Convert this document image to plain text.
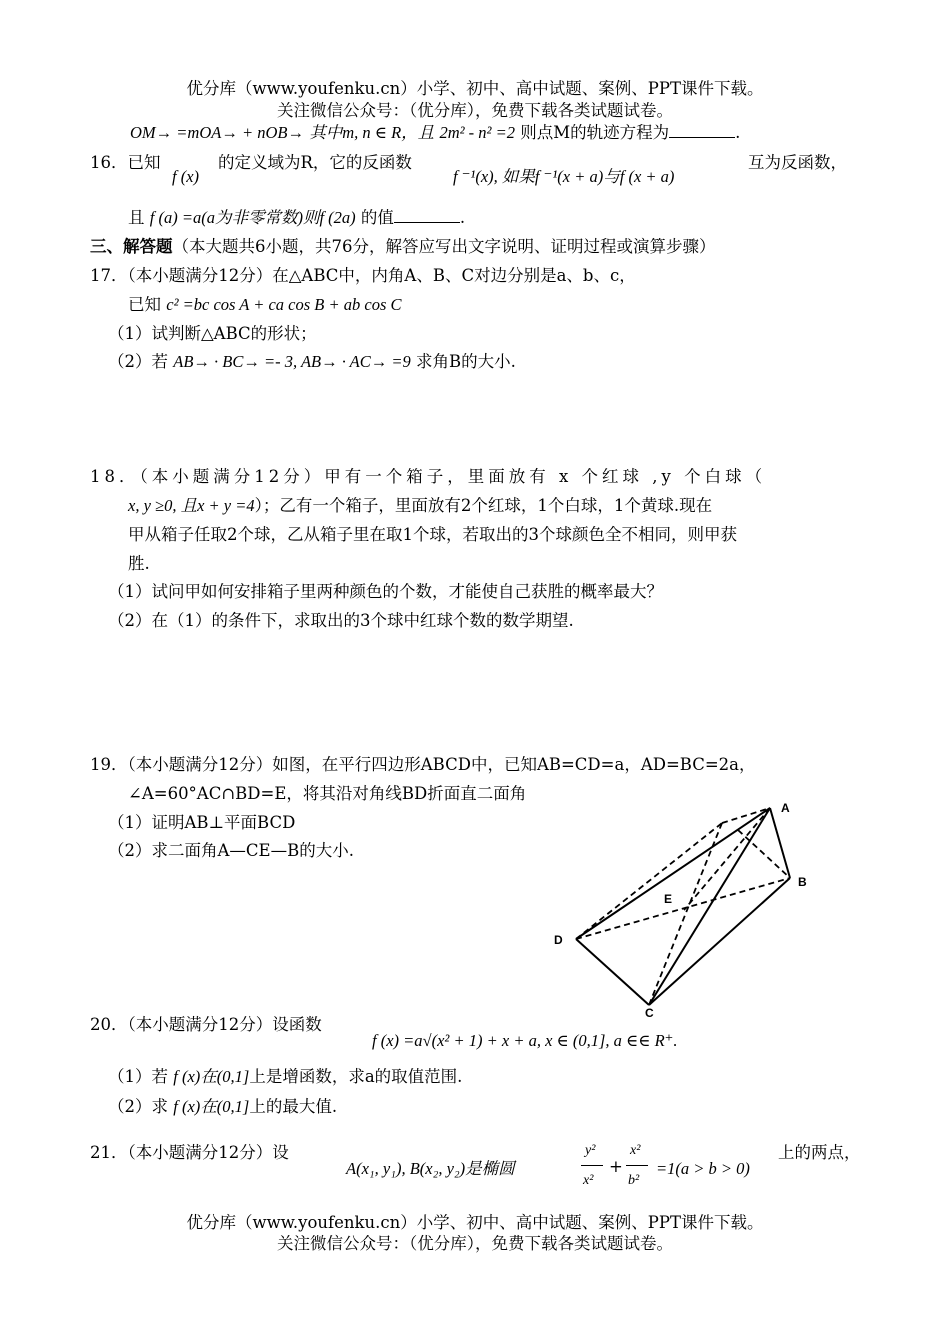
优分库（www.youfenku.cn）小学、初中、高中试题、案例、PPT课件下载。
关注微信公众号：（优分库），免费下载各类试题试卷。
OM→ =mOA→ + nOB→ 其中m, n ∈ R，且 2m² - n² =2 则点M的轨迹方程为	.
16．已知
f (x)
的定义域为R，它的反函数
f ⁻¹(x), 如果f ⁻¹(x + a)与f (x + a)
互为反函数，
且 f (a) =a(a为非零常数)则f (2a) 的值	.
三、解答题（本大题共6小题，共76分，解答应写出文字说明、证明过程或演算步骤）
17．（本小题满分12分）在△ABC中，内角A、B、C对边分别是a、b、c，
已知 c² =bc cos A + ca cos B + ab cos C
（1）试判断△ABC的形状；
（2）若 AB→ · BC→ =- 3, AB→ · AC→ =9 求角B的大小.
18．（本小题满分12分）甲有一个箱子，里面放有 x 个红球 ,y 个白球（
x, y ≥0, 且x + y =4）；乙有一个箱子，里面放有2个红球，1个白球，1个黄球.现在
甲从箱子任取2个球，乙从箱子里在取1个球，若取出的3个球颜色全不相同，则甲获
胜.
（1）试问甲如何安排箱子里两种颜色的个数，才能使自己获胜的概率最大？
（2）在（1）的条件下，求取出的3个球中红球个数的数学期望.
19．（本小题满分12分）如图，在平行四边形ABCD中，已知AB=CD=a，AD=BC=2a，
∠A=60°AC∩BD=E，将其沿对角线BD折面直二面角
（1）证明AB⊥平面BCD
（2）求二面角A—CE—B的大小.
A
B
C
D
E
20．（本小题满分12分）设函数
f (x) =a√(x² + 1) + x + a, x ∈ (0,1], a ∈∈ R⁺.
（1）若 f (x)在(0,1]上是增函数，求a的取值范围.
（2）求 f (x)在(0,1]上的最大值.
21．（本小题满分12分）设
A(x₁, y₁), B(x₂, y₂)是椭圆
y²
x²
+
x²
b²
=1(a > b > 0)
上的两点，
优分库（www.youfenku.cn）小学、初中、高中试题、案例、PPT课件下载。
关注微信公众号：（优分库），免费下载各类试题试卷。
